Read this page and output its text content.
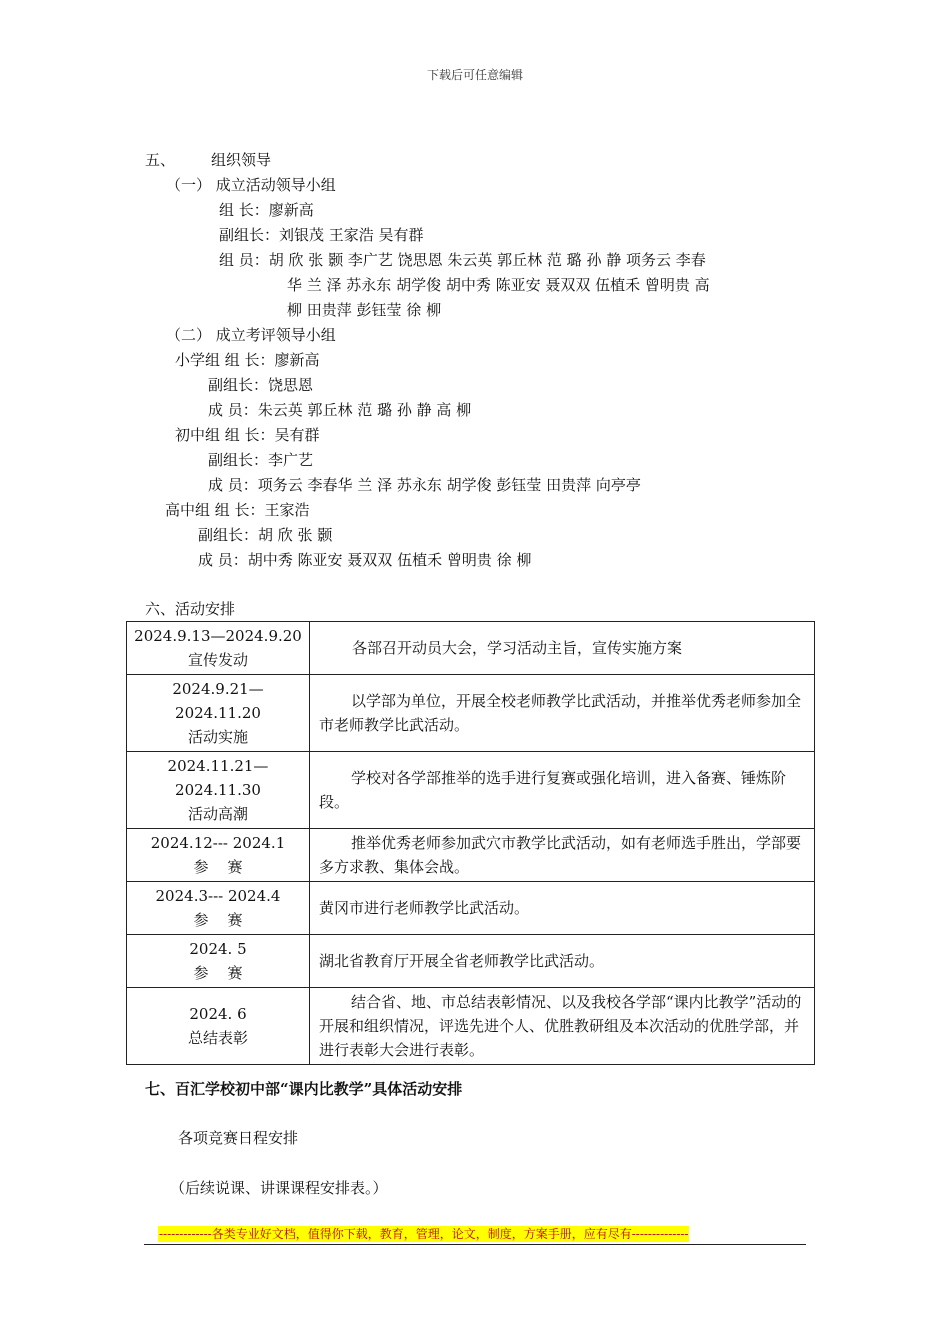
下载后可任意编辑
五、 组织领导
（一） 成立活动领导小组
组 长：廖新高
副组长：刘银茂 王家浩 吴有群
组 员：胡 欣 张 颢 李广艺 饶思恩 朱云英 郭丘林 范 璐 孙 静 项务云 李春
华 兰 泽 苏永东 胡学俊 胡中秀 陈亚安 聂双双 伍植禾 曾明贵 高
柳 田贵萍 彭钰莹 徐 柳
（二） 成立考评领导小组
小学组 组 长：廖新高
副组长：饶思恩
成 员：朱云英 郭丘林 范 璐 孙 静 高 柳
初中组 组 长：吴有群
副组长：李广艺
成 员：项务云 李春华 兰 泽 苏永东 胡学俊 彭钰莹 田贵萍 向亭亭
高中组 组 长：王家浩
副组长：胡 欣 张 颢
成 员：胡中秀 陈亚安 聂双双 伍植禾 曾明贵 徐 柳
六、活动安排
2024.9.13—2024.9.20
宣传发动	各部召开动员大会，学习活动主旨，宣传实施方案

2024.9.21—2024.11.20
活动实施	以学部为单位，开展全校老师教学比武活动，并推举优秀老师参加全市老师教学比武活动。

2024.11.21—
2024.11.30
活动高潮	学校对各学部推举的选手进行复赛或强化培训，进入备赛、锤炼阶段。

2024.12--- 2024.1
参    赛	推举优秀老师参加武穴市教学比武活动，如有老师选手胜出，学部要多方求教、集体会战。

2024.3--- 2024.4
参    赛	黄冈市进行老师教学比武活动。

2024. 5
参    赛	湖北省教育厅开展全省老师教学比武活动。

2024. 6
总结表彰	结合省、地、市总结表彰情况、以及我校各学部“课内比教学”活动的开展和组织情况，评选先进个人、优胜教研组及本次活动的优胜学部，并进行表彰大会进行表彰。
七、百汇学校初中部“课内比教学”具体活动安排
各项竞赛日程安排
（后续说课、讲课课程安排表。）
-------------各类专业好文档，值得你下载，教育，管理，论文，制度，方案手册，应有尽有--------------
